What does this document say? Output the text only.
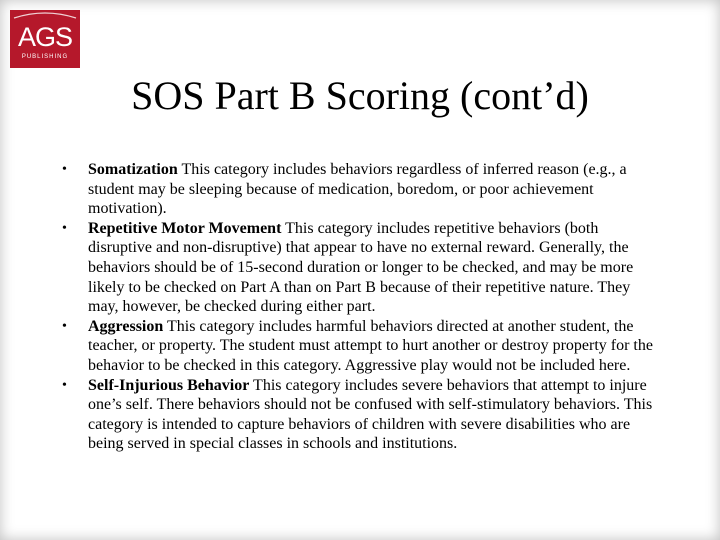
AGS
PUBLISHING
SOS Part B Scoring (cont’d)
• Somatization This category includes behaviors regardless of inferred reason (e.g., a student may be sleeping because of medication, boredom, or poor achievement motivation).
• Repetitive Motor Movement This category includes repetitive behaviors (both disruptive and non-disruptive) that appear to have no external reward. Generally, the behaviors should be of 15-second duration or longer to be checked, and may be more likely to be checked on Part A than on Part B because of their repetitive nature. They may, however, be checked during either part.
• Aggression This category includes harmful behaviors directed at another student, the teacher, or property. The student must attempt to hurt another or destroy property for the behavior to be checked in this category. Aggressive play would not be included here.
• Self-Injurious Behavior This category includes severe behaviors that attempt to injure one’s self. There behaviors should not be confused with self-stimulatory behaviors. This category is intended to capture behaviors of children with severe disabilities who are being served in special classes in schools and institutions.
